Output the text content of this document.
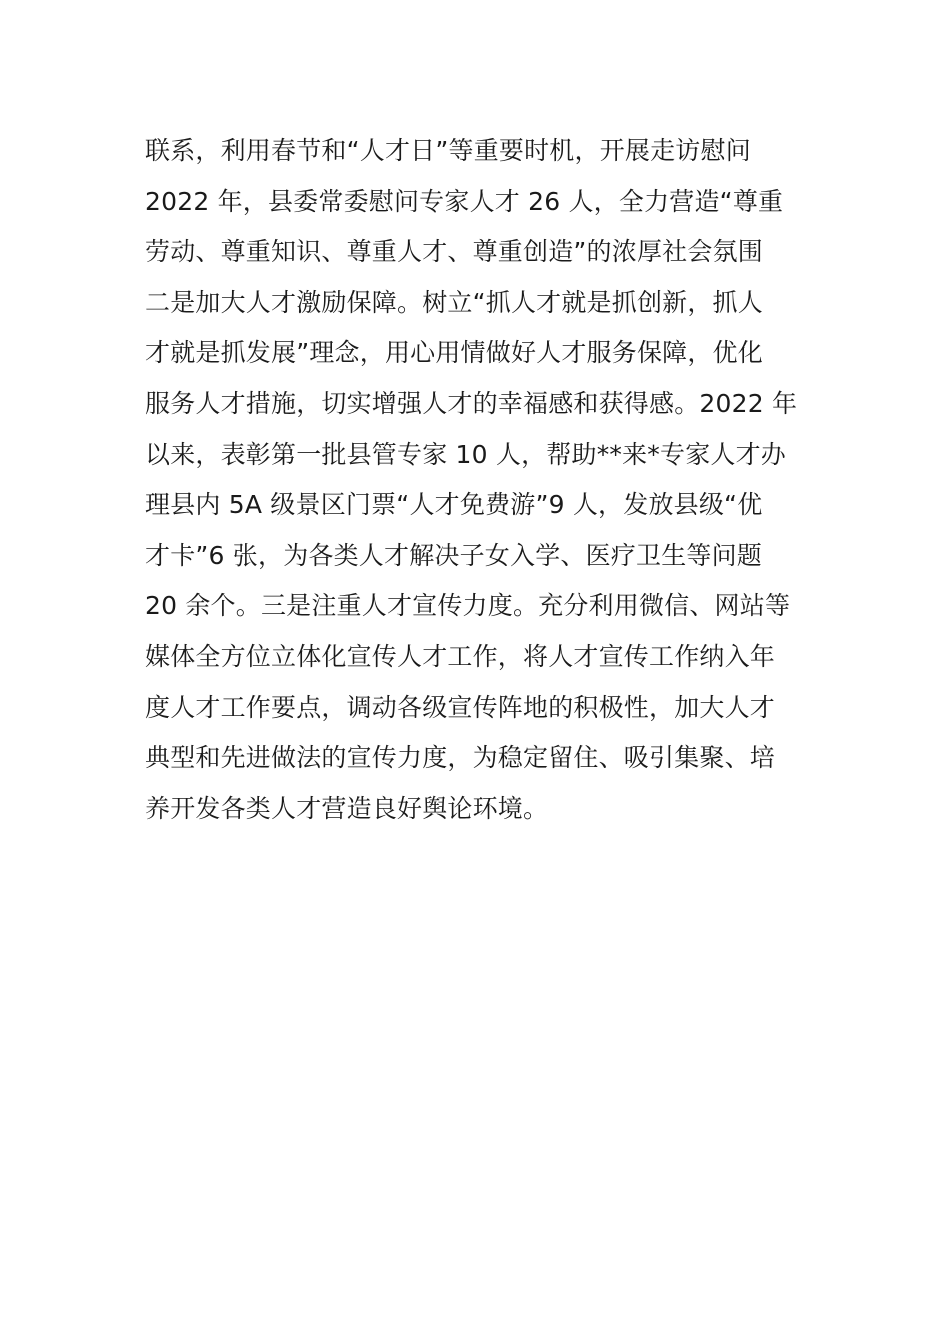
联系，利用春节和“人才日”等重要时机，开展走访慰问
2022 年，县委常委慰问专家人才 26 人，全力营造“尊重
劳动、尊重知识、尊重人才、尊重创造”的浓厚社会氛围
二是加大人才激励保障。树立“抓人才就是抓创新，抓人
才就是抓发展”理念，用心用情做好人才服务保障，优化
服务人才措施，切实增强人才的幸福感和获得感。2022 年
以来，表彰第一批县管专家 10 人，帮助**来*专家人才办
理县内 5A 级景区门票“人才免费游”9 人，发放县级“优
才卡”6 张，为各类人才解决子女入学、医疗卫生等问题
20 余个。三是注重人才宣传力度。充分利用微信、网站等
媒体全方位立体化宣传人才工作，将人才宣传工作纳入年
度人才工作要点，调动各级宣传阵地的积极性，加大人才
典型和先进做法的宣传力度，为稳定留住、吸引集聚、培
养开发各类人才营造良好舆论环境。
